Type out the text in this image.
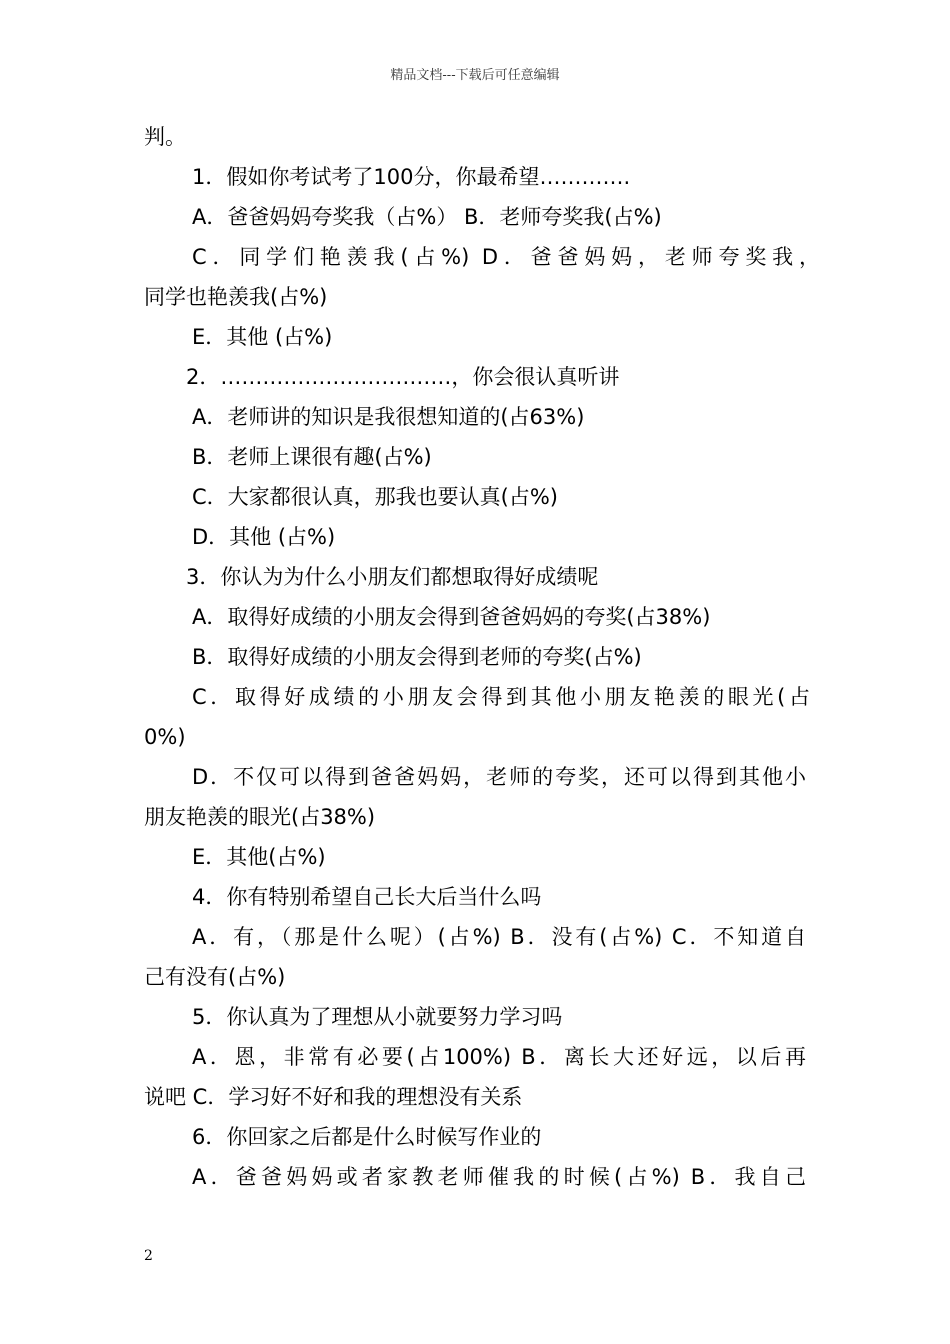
精品文档---下载后可任意编辑
判。
1．假如你考试考了100分，你最希望………….
A．爸爸妈妈夸奖我（占%） B．老师夸奖我(占%)
C．同学们艳羡我(占%) D．爸爸妈妈，老师夸奖我，
同学也艳羡我(占%)
E．其他 (占%)
2．……………………………，你会很认真听讲
A．老师讲的知识是我很想知道的(占63%)
B．老师上课很有趣(占%)
C．大家都很认真，那我也要认真(占%)
D．其他 (占%)
3．你认为为什么小朋友们都想取得好成绩呢
A．取得好成绩的小朋友会得到爸爸妈妈的夸奖(占38%)
B．取得好成绩的小朋友会得到老师的夸奖(占%)
C．取得好成绩的小朋友会得到其他小朋友艳羡的眼光(占
0%)
D．不仅可以得到爸爸妈妈，老师的夸奖，还可以得到其他小
朋友艳羡的眼光(占38%)
E．其他(占%)
4．你有特别希望自己长大后当什么吗
A．有，（那是什么呢）(占%) B．没有(占%) C．不知道自
己有没有(占%)
5．你认真为了理想从小就要努力学习吗
A．恩，非常有必要(占100%) B．离长大还好远，以后再
说吧 C．学习好不好和我的理想没有关系
6．你回家之后都是什么时候写作业的
A．爸爸妈妈或者家教老师催我的时候(占%) B．我自己
2
